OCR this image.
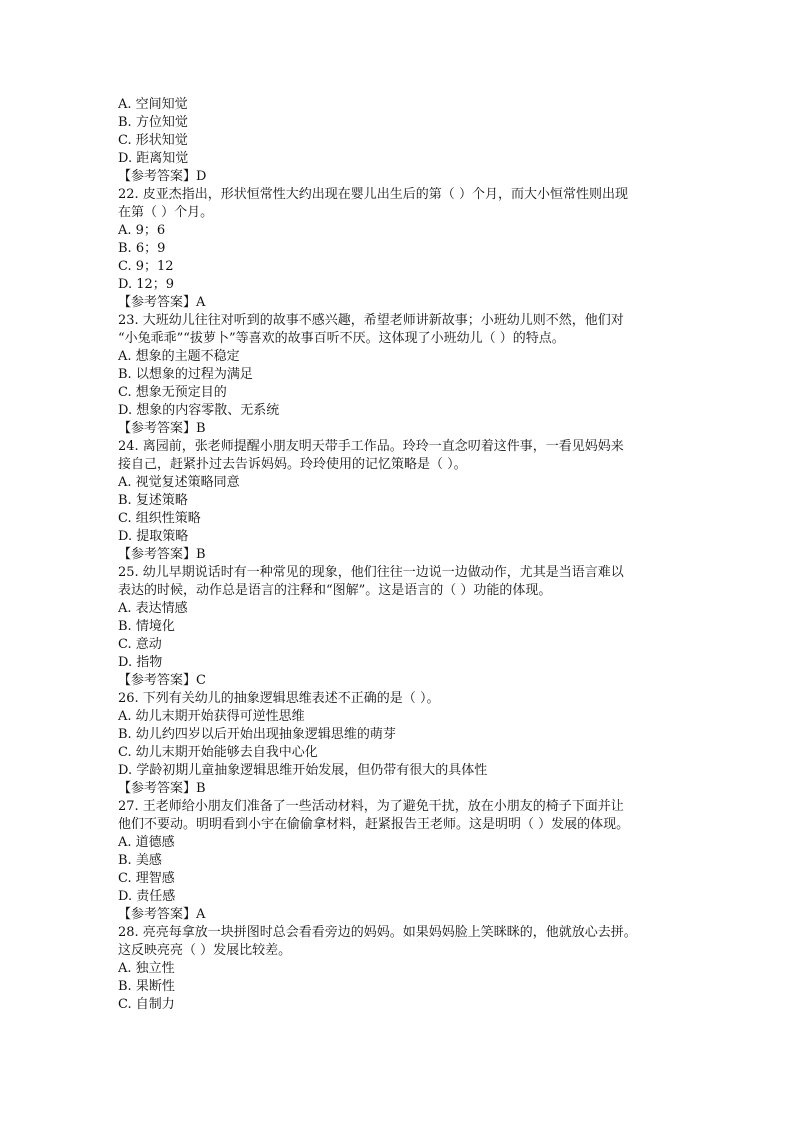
A. 空间知觉
B. 方位知觉
C. 形状知觉
D. 距离知觉
【参考答案】D
22. 皮亚杰指出，形状恒常性大约出现在婴儿出生后的第（ ）个月，而大小恒常性则出现
在第（ ）个月。
A. 9；6
B. 6；9
C. 9；12
D. 12；9
【参考答案】A
23. 大班幼儿往往对听到的故事不感兴趣，希望老师讲新故事；小班幼儿则不然，他们对
“小兔乖乖”“拔萝卜”等喜欢的故事百听不厌。这体现了小班幼儿（ ）的特点。
A. 想象的主题不稳定
B. 以想象的过程为满足
C. 想象无预定目的
D. 想象的内容零散、无系统
【参考答案】B
24. 离园前，张老师提醒小朋友明天带手工作品。玲玲一直念叨着这件事，一看见妈妈来
接自己，赶紧扑过去告诉妈妈。玲玲使用的记忆策略是（ ）。
A. 视觉复述策略同意
B. 复述策略
C. 组织性策略
D. 提取策略
【参考答案】B
25. 幼儿早期说话时有一种常见的现象，他们往往一边说一边做动作，尤其是当语言难以
表达的时候，动作总是语言的注释和“图解”。这是语言的（ ）功能的体现。
A. 表达情感
B. 情境化
C. 意动
D. 指物
【参考答案】C
26. 下列有关幼儿的抽象逻辑思维表述不正确的是（ ）。
A. 幼儿末期开始获得可逆性思维
B. 幼儿约四岁以后开始出现抽象逻辑思维的萌芽
C. 幼儿末期开始能够去自我中心化
D. 学龄初期儿童抽象逻辑思维开始发展，但仍带有很大的具体性
【参考答案】B
27. 王老师给小朋友们准备了一些活动材料，为了避免干扰，放在小朋友的椅子下面并让
他们不要动。明明看到小宇在偷偷拿材料，赶紧报告王老师。这是明明（ ）发展的体现。
A. 道德感
B. 美感
C. 理智感
D. 责任感
【参考答案】A
28. 亮亮每拿放一块拼图时总会看看旁边的妈妈。如果妈妈脸上笑眯眯的，他就放心去拼。
这反映亮亮（ ）发展比较差。
A. 独立性
B. 果断性
C. 自制力
